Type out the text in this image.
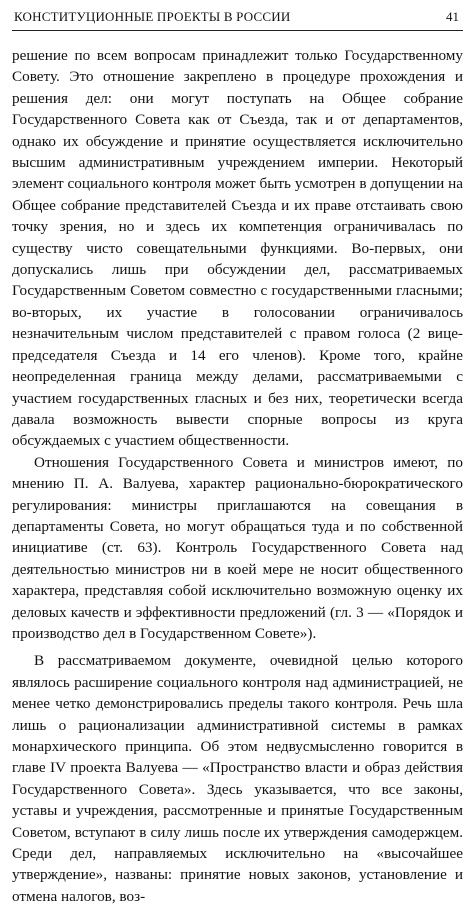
КОНСТИТУЦИОННЫЕ ПРОЕКТЫ В РОССИИ	41

решение по всем вопросам принадлежит только Государственному Совету. Это отношение закреплено в процедуре прохождения и решения дел: они могут поступать на Общее собрание Государственного Совета как от Съезда, так и от департаментов, однако их обсуждение и принятие осуществляется исключительно высшим административным учреждением империи. Некоторый элемент социального контроля может быть усмотрен в допущении на Общее собрание представителей Съезда и их праве отстаивать свою точку зрения, но и здесь их компетенция ограничивалась по существу чисто совещательными функциями. Во-первых, они допускались лишь при обсуждении дел, рассматриваемых Государственным Советом совместно с государственными гласными; во-вторых, их участие в голосовании ограничивалось незначительным числом представителей с правом голоса (2 вице-председателя Съезда и 14 его членов). Кроме того, крайне неопределенная граница между делами, рассматриваемыми с участием государственных гласных и без них, теоретически всегда давала возможность вывести спорные вопросы из круга обсуждаемых с участием общественности.

Отношения Государственного Совета и министров имеют, по мнению П. А. Валуева, характер рационально-бюрократического регулирования: министры приглашаются на совещания в департаменты Совета, но могут обращаться туда и по собственной инициативе (ст. 63). Контроль Государственного Совета над деятельностью министров ни в коей мере не носит общественного характера, представляя собой исключительно возможную оценку их деловых качеств и эффективности предложений (гл. 3 — «Порядок и производство дел в Государственном Совете»).

В рассматриваемом документе, очевидной целью которого являлось расширение социального контроля над администрацией, не менее четко демонстрировались пределы такого контроля. Речь шла лишь о рационализации административной системы в рамках монархического принципа. Об этом недвусмысленно говорится в главе IV проекта Валуева — «Пространство власти и образ действия Государственного Совета». Здесь указывается, что все законы, уставы и учреждения, рассмотренные и принятые Государственным Советом, вступают в силу лишь после их утверждения самодержцем. Среди дел, направляемых исключительно на «высочайшее утверждение», названы: принятие новых законов, установление и отмена налогов, воз-
